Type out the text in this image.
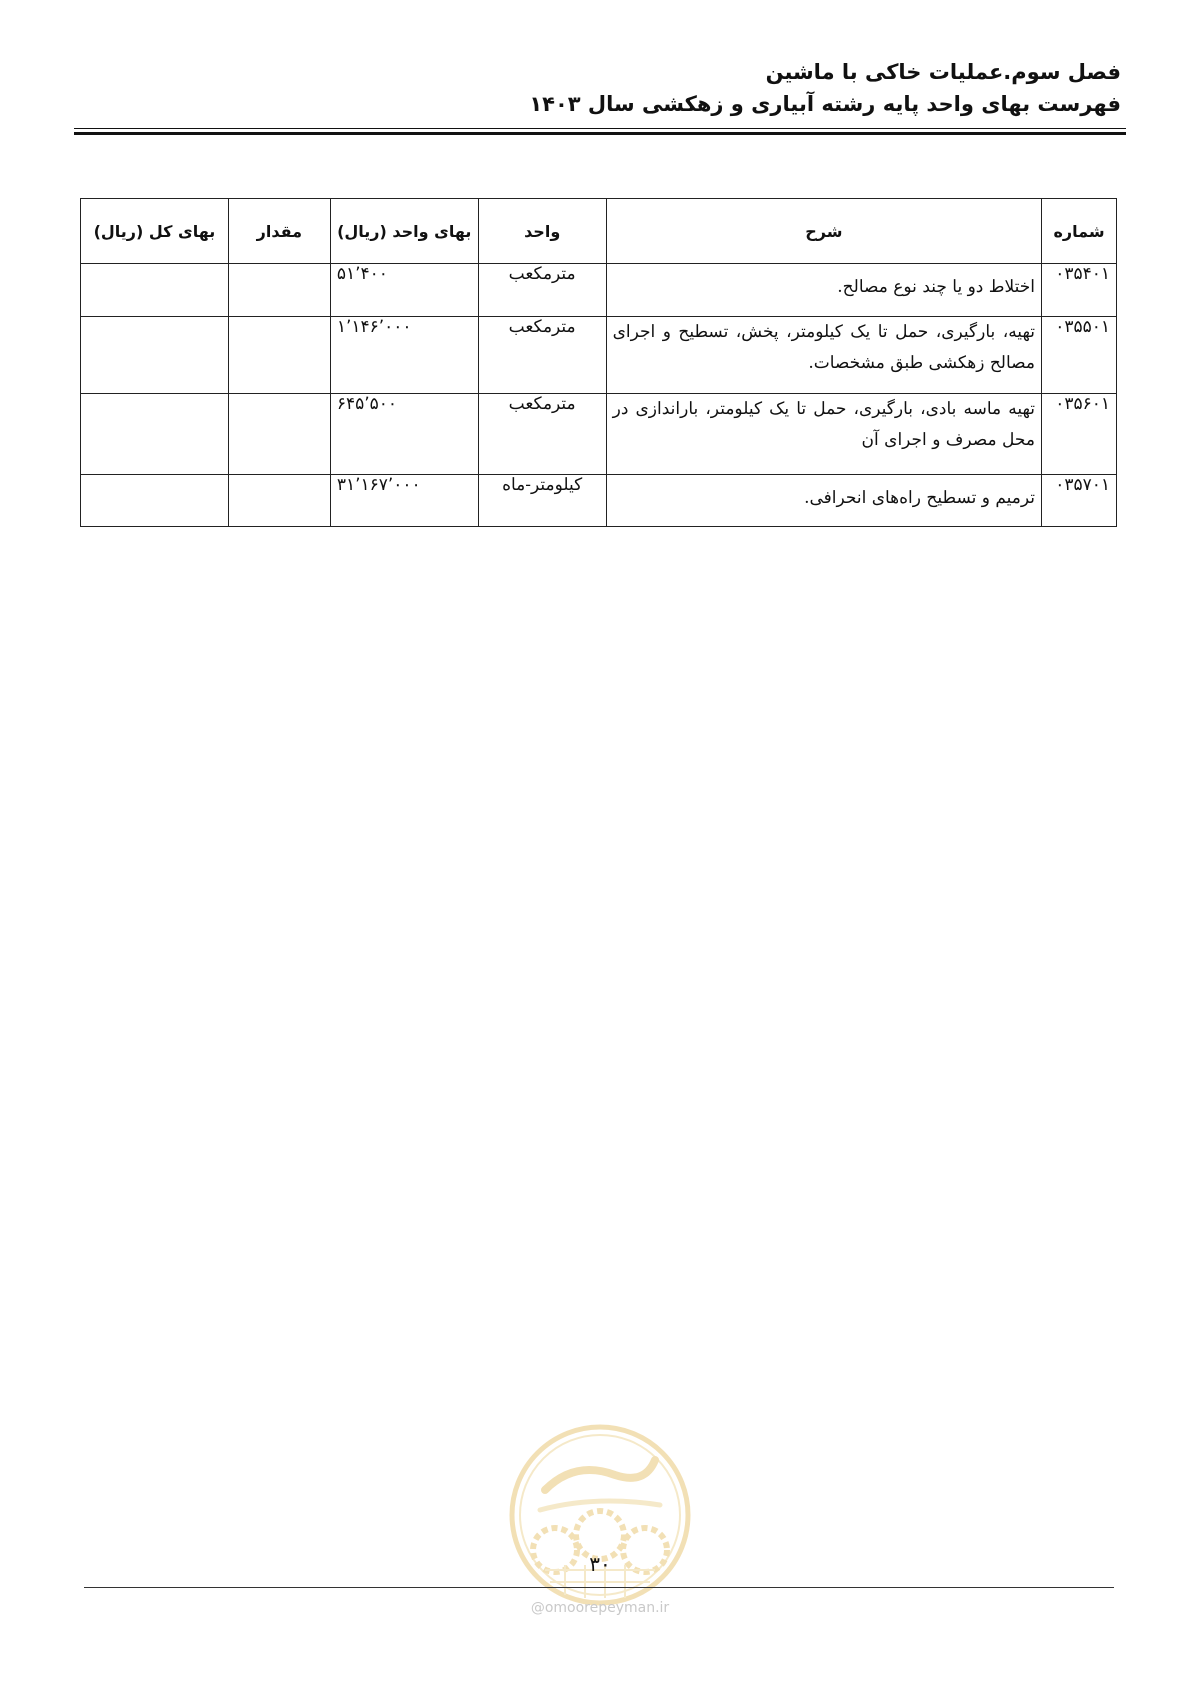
فصل سوم.عملیات خاکی با ماشین
فهرست بهای واحد پایه رشته آبیاری و زهکشی سال ۱۴۰۳
شماره	شرح	واحد	بهای واحد (ریال)	مقدار	بهای کل (ریال)
۰۳۵۴۰۱	اختلاط دو یا چند نوع مصالح.	مترمکعب	۵۱٬۴۰۰		
۰۳۵۵۰۱	تهیه، بارگیری، حمل تا یک کیلومتر، پخش، تسطیح و اجرای مصالح زهکشی طبق مشخصات.	مترمکعب	۱٬۱۴۶٬۰۰۰		
۰۳۵۶۰۱	تهیه ماسه بادی، بارگیری، حمل تا یک کیلومتر، باراندازی در محل مصرف و اجرای آن	مترمکعب	۶۴۵٬۵۰۰		
۰۳۵۷۰۱	ترمیم و تسطیح راه‌های انحرافی.	کیلومتر-ماه	۳۱٬۱۶۷٬۰۰۰		
۳۰
@omoorepeyman.ir
